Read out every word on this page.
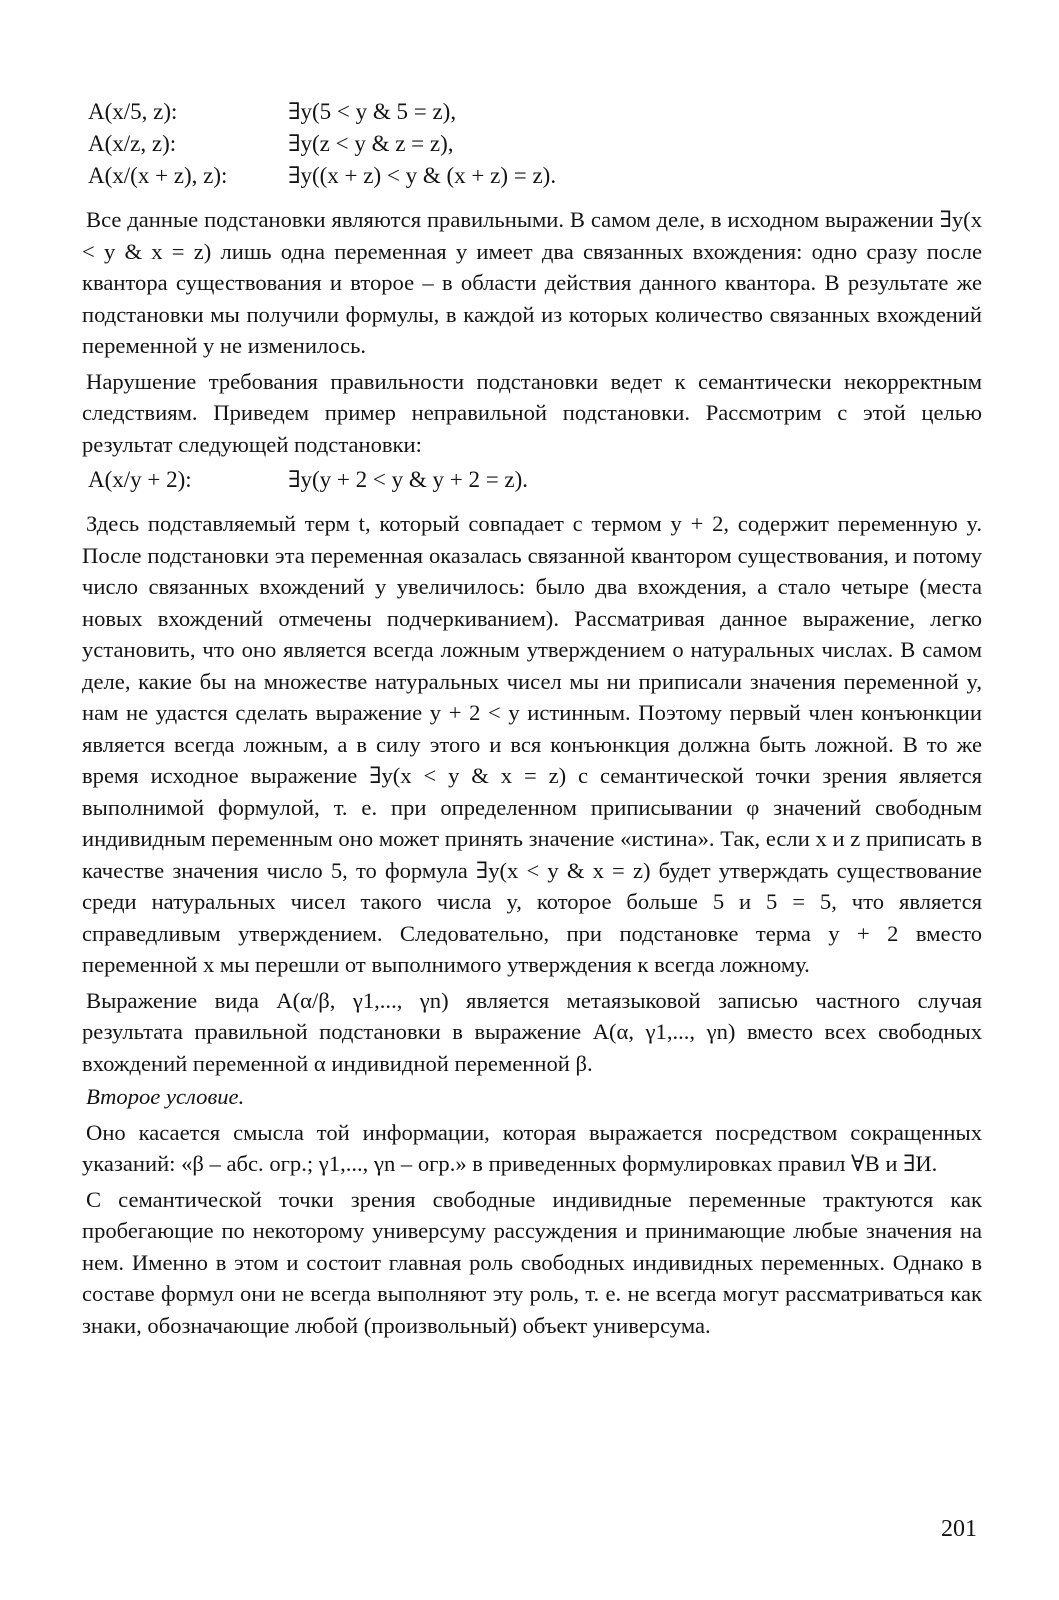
A(x/5, z):	∃y(5 < y & 5 = z),
A(x/z, z):	∃y(z < y & z = z),
A(x/(x + z), z):	∃y((x + z) < y & (x + z) = z).

Все данные подстановки являются правильными. В самом деле, в исходном выражении ∃y(x < y & x = z) лишь одна переменная y имеет два связанных вхождения: одно сразу после квантора существования и второе – в области действия данного квантора. В результате же подстановки мы получили формулы, в каждой из которых количество связанных вхождений переменной y не изменилось.

Нарушение требования правильности подстановки ведет к семантически некорректным следствиям. Приведем пример неправильной подстановки. Рассмотрим с этой целью результат следующей подстановки:

A(x/y + 2):	∃y(y + 2 < y & y + 2 = z).

Здесь подставляемый терм t, который совпадает с термом y + 2, содержит переменную y. После подстановки эта переменная оказалась связанной квантором существования, и потому число связанных вхождений y увеличилось: было два вхождения, а стало четыре (места новых вхождений отмечены подчеркиванием). Рассматривая данное выражение, легко установить, что оно является всегда ложным утверждением о натуральных числах. В самом деле, какие бы на множестве натуральных чисел мы ни приписали значения переменной y, нам не удастся сделать выражение y + 2 < y истинным. Поэтому первый член конъюнкции является всегда ложным, а в силу этого и вся конъюнкция должна быть ложной. В то же время исходное выражение ∃y(x < y & x = z) с семантической точки зрения является выполнимой формулой, т. е. при определенном приписывании φ значений свободным индивидным переменным оно может принять значение «истина». Так, если x и z приписать в качестве значения число 5, то формула ∃y(x < y & x = z) будет утверждать существование среди натуральных чисел такого числа y, которое больше 5 и 5 = 5, что является справедливым утверждением. Следовательно, при подстановке терма y + 2 вместо переменной x мы перешли от выполнимого утверждения к всегда ложному.

Выражение вида A(α/β, γ1,..., γn) является метаязыковой записью частного случая результата правильной подстановки в выражение A(α, γ1,..., γn) вместо всех свободных вхождений переменной α индивидной переменной β.

Второе условие.

Оно касается смысла той информации, которая выражается посредством сокращенных указаний: «β – абс. огр.; γ1,..., γn – огр.» в приведенных формулировках правил ∀В и ∃И.

С семантической точки зрения свободные индивидные переменные трактуются как пробегающие по некоторому универсуму рассуждения и принимающие любые значения на нем. Именно в этом и состоит главная роль свободных индивидных переменных. Однако в составе формул они не всегда выполняют эту роль, т. е. не всегда могут рассматриваться как знаки, обозначающие любой (произвольный) объект универсума.

201
